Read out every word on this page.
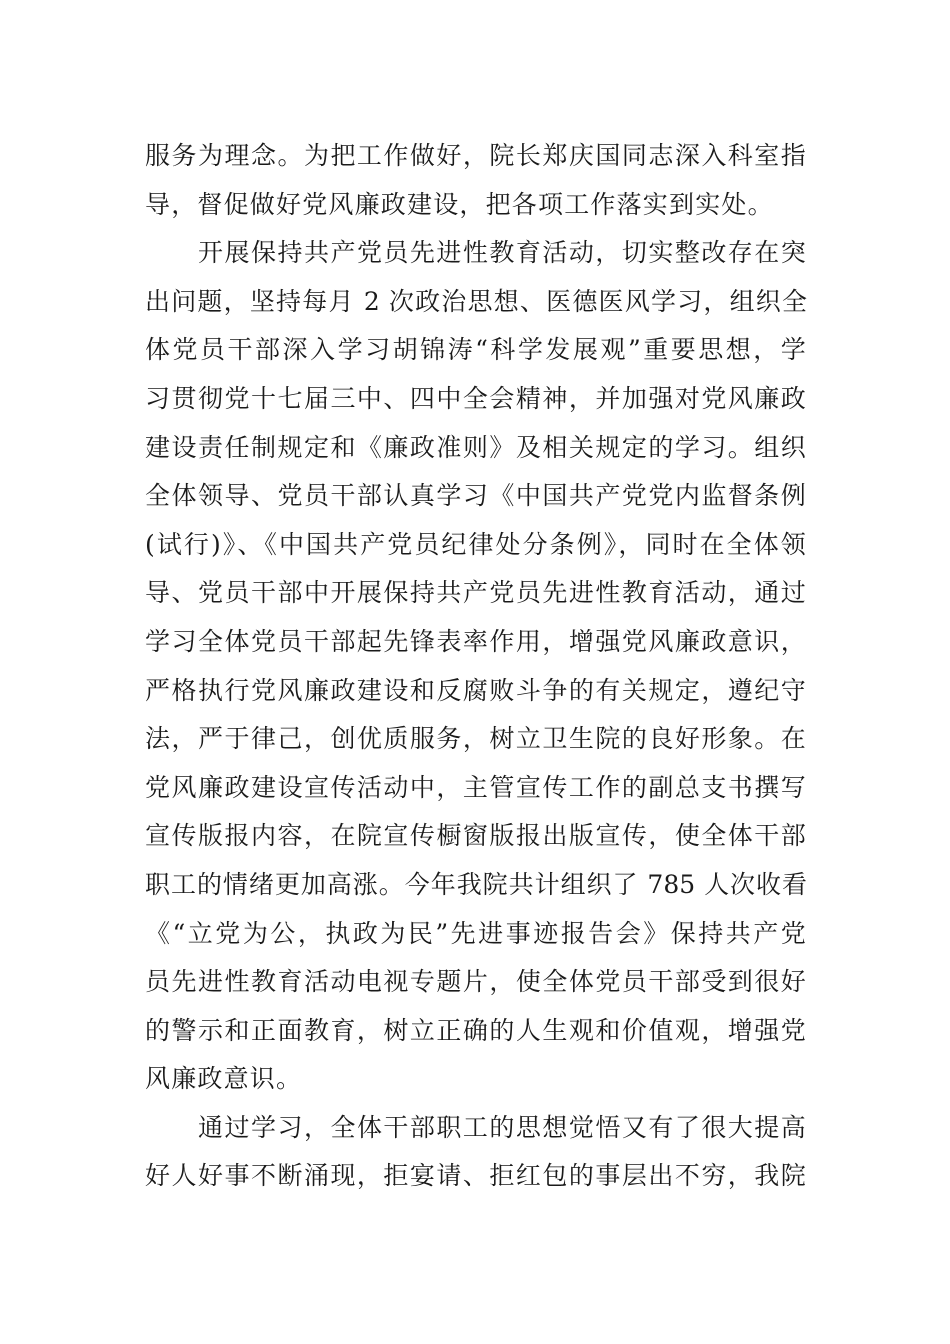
服务为理念。为把工作做好，院长郑庆国同志深入科室指
导，督促做好党风廉政建设，把各项工作落实到实处。
开展保持共产党员先进性教育活动，切实整改存在突
出问题，坚持每月 2 次政治思想、医德医风学习，组织全
体党员干部深入学习胡锦涛“科学发展观”重要思想，学
习贯彻党十七届三中、四中全会精神，并加强对党风廉政
建设责任制规定和《廉政准则》及相关规定的学习。组织
全体领导、党员干部认真学习《中国共产党党内监督条例
(试行)》、《中国共产党员纪律处分条例》，同时在全体领
导、党员干部中开展保持共产党员先进性教育活动，通过
学习全体党员干部起先锋表率作用，增强党风廉政意识，
严格执行党风廉政建设和反腐败斗争的有关规定，遵纪守
法，严于律己，创优质服务，树立卫生院的良好形象。在
党风廉政建设宣传活动中，主管宣传工作的副总支书撰写
宣传版报内容，在院宣传橱窗版报出版宣传，使全体干部
职工的情绪更加高涨。今年我院共计组织了 785 人次收看
《“立党为公，执政为民”先进事迹报告会》保持共产党
员先进性教育活动电视专题片，使全体党员干部受到很好
的警示和正面教育，树立正确的人生观和价值观，增强党
风廉政意识。
通过学习，全体干部职工的思想觉悟又有了很大提高
好人好事不断涌现，拒宴请、拒红包的事层出不穷，我院
